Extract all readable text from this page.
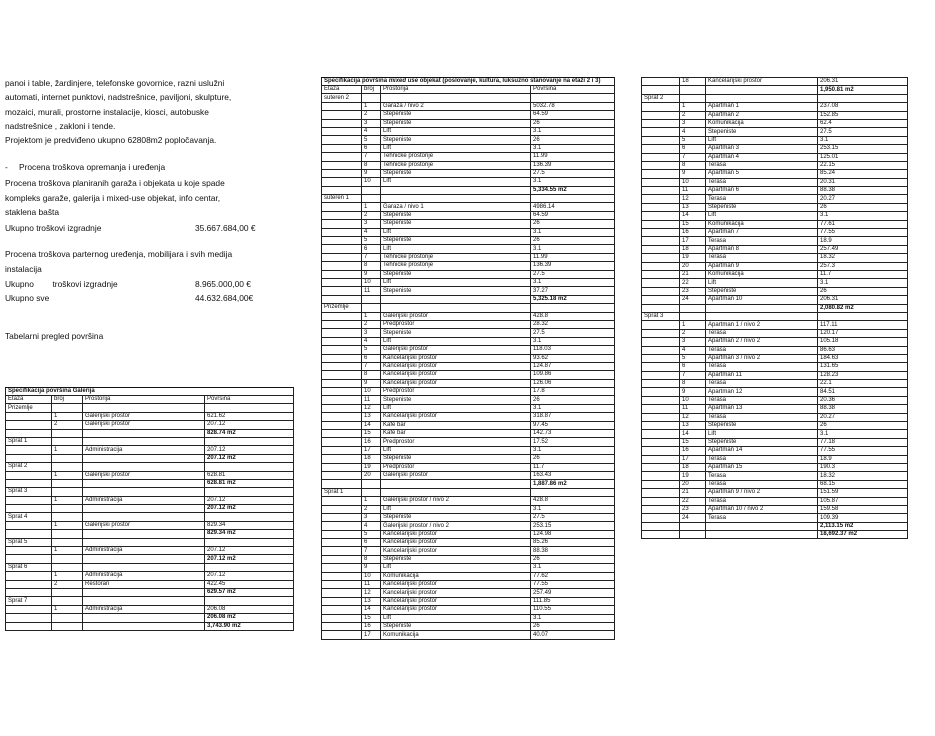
panoi i table, žardinjere, telefonske govornice, razni uslužni
automati, internet punktovi, nadstrešnice, paviljoni, skulpture,
mozaici, murali, prostorne instalacije, kiosci, autobuske
nadstrešnice , zakloni i tende.
Projektom je predviđeno ukupno 62808m2 popločavanja.
- Procena troškova opremanja i uređenja
Procena troškova planiranih garaža i objekata u koje spade
kompleks garaže, galerija i mixed-use objekat, info centar,
staklena bašta
Ukupno troškovi izgradnje	35.667.684,00 €
Procena troškova parternog uređenja, mobilijara i svih medija
instalacija
Ukupno        troškovi izgradnje	8.965.000,00 €
Ukupno sve	44.632.684,00€
Tabelarni pregled površina
Specifikacija površina Galerija			
Etaza	broj	Prostorija	Povrsina
Prizemlje			
	1	Galerijski prostor	621.62
	2	Galerijski prostor	207.12
			828.74 m2
Sprat 1			
	1	Administracija	207.12
			207.12 m2
Sprat 2			
	1	Galerijski prostor	628.81
			628.81 m2
Sprat 3			
	1	Administracija	207.12
			207.12 m2
Sprat 4			
	1	Galerijski prostor	829.34
			829.34 m2
Sprat 5			
	1	Administracija	207.12
			207.12 m2
Sprat 6			
	1	Administracija	207.12
	2	Restoran	422.45
			629.57 m2
Sprat 7			
	1	Administracija	206.08
			206.08 m2
			3,743.90 m2
Specifikacija površina mixed use objekat (poslovanje, kultura, luksuzno stanovanje na etaži 2 i 3)			
Etaza	broj	Prostorija	Povrsina
suteren 2			
	1	Garaza / nivo 2	5032.78
	2	Stepeniste	64.59
	3	Stepeniste	26
	4	Lift	3.1
	5	Stepeniste	26
	6	Lift	3.1
	7	Tehnicke prostorije	11.99
	8	Tehnicke prostorije	136.39
	9	Stepeniste	27.5
	10	Lift	3.1
			5,334.55 m2
suteren 1			
	1	Garaza / nivo 1	4986.14
	2	Stepeniste	64.59
	3	Stepeniste	26
	4	Lift	3.1
	5	Stepeniste	26
	6	Lift	3.1
	7	Tehnicke prostorije	11.99
	8	Tehnicke prostorije	136.39
	9	Stepeniste	27.5
	10	Lift	3.1
	11	Stepeniste	37.27
			5,325.18 m2
Prizemlje			
	1	Galerijski prostor	428.8
	2	Predprostor	28.32
	3	Stepeniste	27.5
	4	Lift	3.1
	5	Galerijski prostor	118.03
	6	Kancelarijski prostor	93.62
	7	Kancelarijski prostor	124.87
	8	Kancelarijski prostor	109.86
	9	Kancelarijski prostor	126.06
	10	Predprostor	17.8
	11	Stepeniste	26
	12	Lift	3.1
	13	Kancelarijski prostor	318.87
	14	Kafe bar	97.45
	15	Kafe bar	142.73
	16	Predprostor	17.52
	17	Lift	3.1
	18	Stepeniste	26
	19	Predprostor	11.7
	20	Galerijski prostor	163.43
			1,887.86 m2
Sprat 1			
	1	Galerijski prostor / nivo 2	428.8
	2	Lift	3.1
	3	Stepeniste	27.5
	4	Galerijski prostor / nivo 2	253.15
	5	Kancelarijski prostor	124.98
	6	Kancelarijski prostor	85.26
	7	Kancelarijski prostor	88.38
	8	Stepeniste	26
	9	Lift	3.1
	10	Komunikacija	77.62
	11	Kancelarijski prostor	77.55
	12	Kancelarijski prostor	257.49
	13	Kancelarijski prostor	111.85
	14	Kancelarijski prostor	110.55
	15	Lift	3.1
	16	Stepeniste	26
	17	Komunikacija	40.07
	18	Kancelarijski prostor	206.31
			1,950.81 m2
Sprat 2			
	1	Apartman 1	237.08
	2	Apartman 2	152.85
	3	Komunikacija	62.4
	4	Stepeniste	27.5
	5	Lift	3.1
	6	Apartman 3	253.15
	7	Apartman 4	125.01
	8	Terasa	22.15
	9	Apartman 5	85.24
	10	Terasa	20.31
	11	Apartman 6	88.38
	12	Terasa	20.27
	13	Stepeniste	26
	14	Lift	3.1
	15	Komunikacija	77.61
	16	Apartman 7	77.55
	17	Terasa	18.9
	18	Apartman 8	257.49
	19	Terasa	18.32
	20	Apartman 9	257.3
	21	Komunikacija	11.7
	22	Lift	3.1
	23	Stepeniste	26
	24	Apartman 10	206.31
			2,080.82 m2
Sprat 3			
	1	Apartman 1 / nivo 2	117.11
	2	Terasa	120.17
	3	Apartman 2 / nivo 2	105.18
	4	Terasa	86.63
	5	Apartman 3 / nivo 2	184.63
	6	Terasa	131.65
	7	Apartman 11	128.23
	8	Terasa	22.1
	9	Apartman 12	84.51
	10	Terasa	20.36
	11	Apartman 13	88.38
	12	Terasa	20.27
	13	Stepeniste	26
	14	Lift	3.1
	15	Stepeniste	77.18
	16	Apartman 14	77.55
	17	Terasa	18.9
	18	Apartman 15	190.3
	19	Terasa	18.32
	20	Terasa	68.15
	21	Apartman 9 / nivo 2	151.59
	22	Terasa	105.87
	23	Apartman 10 / nivo 2	159.58
	24	Terasa	109.39
			2,113.15 m2
			18,692.37 m2
